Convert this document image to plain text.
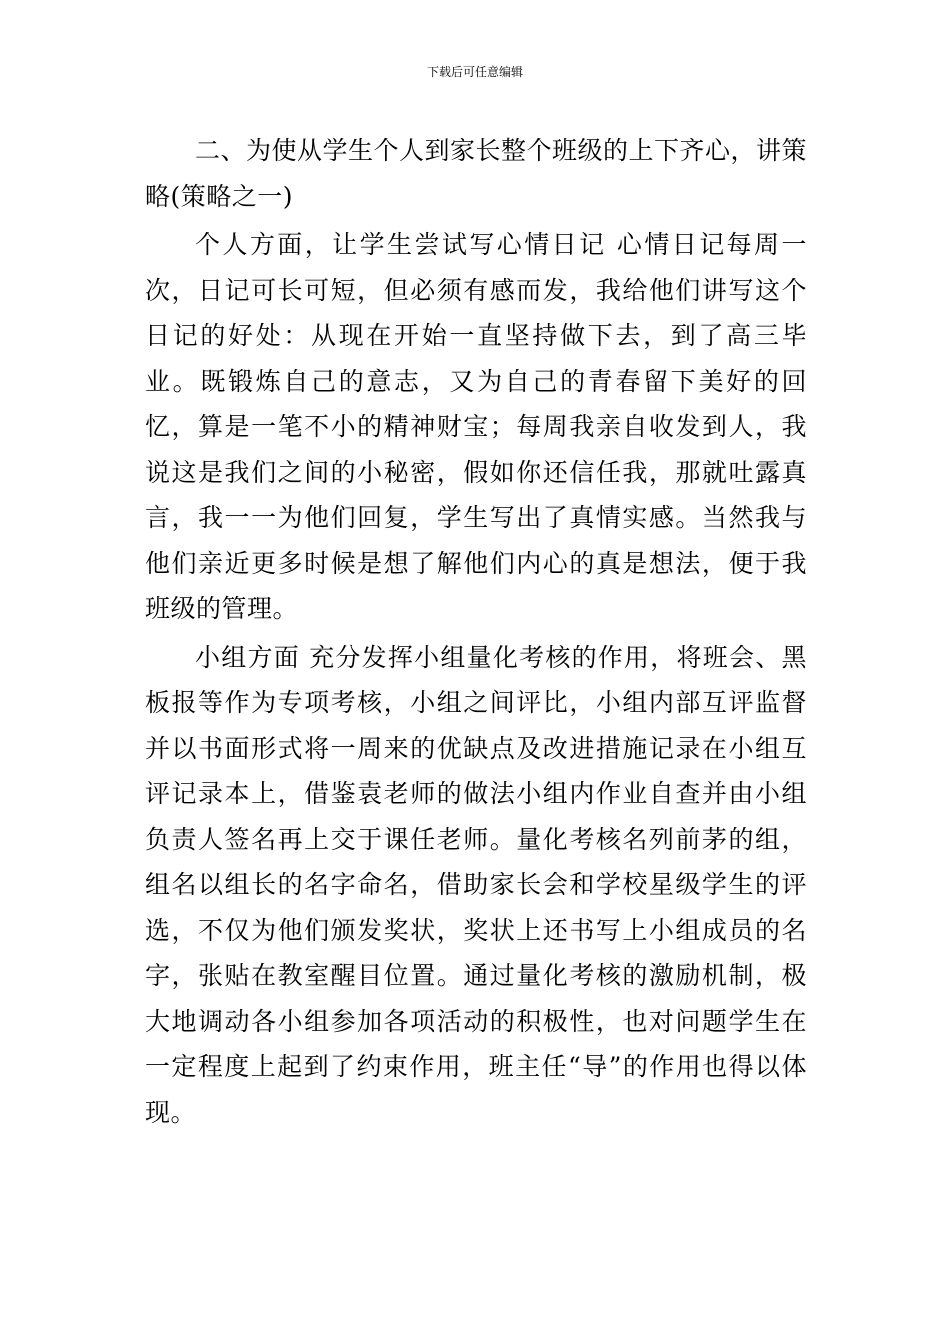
下载后可任意编辑

二、为使从学生个人到家长整个班级的上下齐心，讲策略(策略之一)

个人方面，让学生尝试写心情日记 心情日记每周一次，日记可长可短，但必须有感而发，我给他们讲写这个日记的好处：从现在开始一直坚持做下去，到了高三毕业。既锻炼自己的意志，又为自己的青春留下美好的回忆，算是一笔不小的精神财宝；每周我亲自收发到人，我说这是我们之间的小秘密，假如你还信任我，那就吐露真言，我一一为他们回复，学生写出了真情实感。当然我与他们亲近更多时候是想了解他们内心的真是想法，便于我班级的管理。

小组方面 充分发挥小组量化考核的作用，将班会、黑板报等作为专项考核，小组之间评比，小组内部互评监督并以书面形式将一周来的优缺点及改进措施记录在小组互评记录本上，借鉴袁老师的做法小组内作业自查并由小组负责人签名再上交于课任老师。量化考核名列前茅的组，组名以组长的名字命名，借助家长会和学校星级学生的评选，不仅为他们颁发奖状，奖状上还书写上小组成员的名字，张贴在教室醒目位置。通过量化考核的激励机制，极大地调动各小组参加各项活动的积极性，也对问题学生在一定程度上起到了约束作用，班主任“导”的作用也得以体现。
